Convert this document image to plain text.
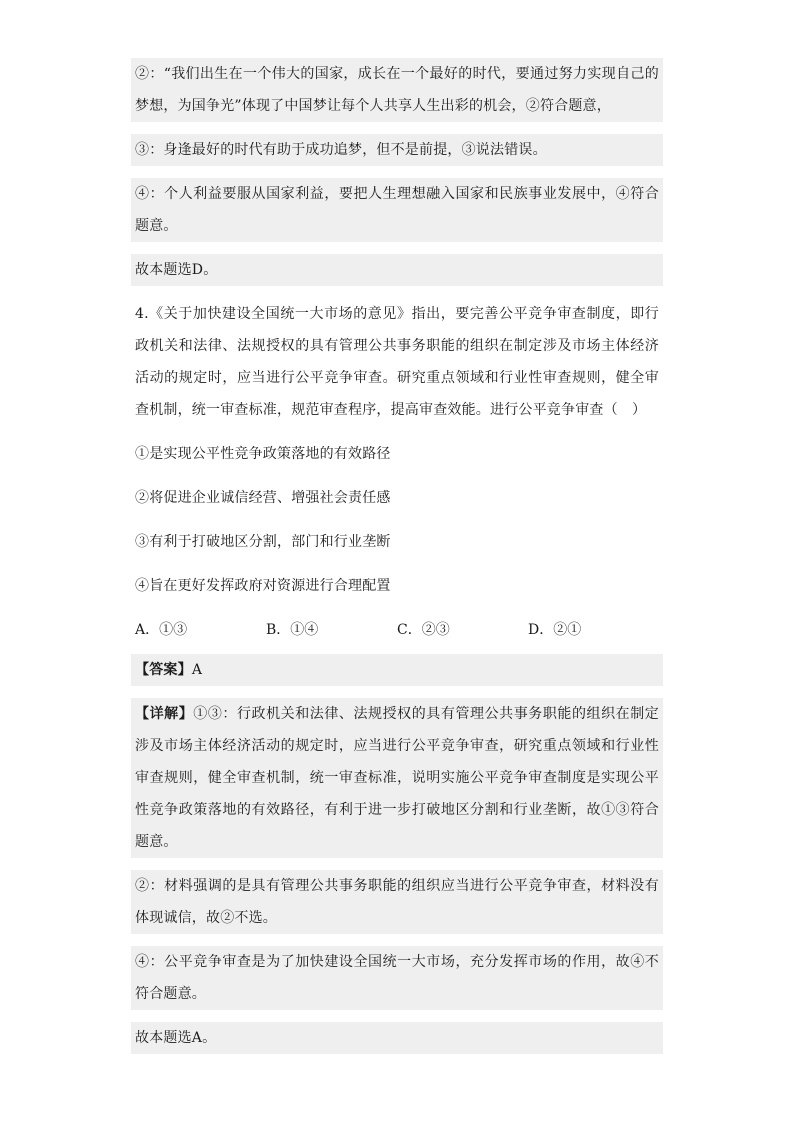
②：“我们出生在一个伟大的国家，成长在一个最好的时代，要通过努力实现自己的梦想，为国争光”体现了中国梦让每个人共享人生出彩的机会，②符合题意，

③：身逢最好的时代有助于成功追梦，但不是前提，③说法错误。

④：个人利益要服从国家利益，要把人生理想融入国家和民族事业发展中，④符合题意。

故本题选D。

4.《关于加快建设全国统一大市场的意见》指出，要完善公平竞争审查制度，即行政机关和法律、法规授权的具有管理公共事务职能的组织在制定涉及市场主体经济活动的规定时，应当进行公平竞争审查。研究重点领域和行业性审查规则，健全审查机制，统一审查标准，规范审查程序，提高审查效能。进行公平竞争审查（　）

①是实现公平性竞争政策落地的有效路径

②将促进企业诚信经营、增强社会责任感

③有利于打破地区分割，部门和行业垄断

④旨在更好发挥政府对资源进行合理配置

A．①③	B．①④	C．②③	D．②①

【答案】A

【详解】①③：行政机关和法律、法规授权的具有管理公共事务职能的组织在制定涉及市场主体经济活动的规定时，应当进行公平竞争审查，研究重点领域和行业性审查规则，健全审查机制，统一审查标准，说明实施公平竞争审查制度是实现公平性竞争政策落地的有效路径，有利于进一步打破地区分割和行业垄断，故①③符合题意。

②：材料强调的是具有管理公共事务职能的组织应当进行公平竞争审查，材料没有体现诚信，故②不选。

④：公平竞争审查是为了加快建设全国统一大市场，充分发挥市场的作用，故④不符合题意。

故本题选A。
